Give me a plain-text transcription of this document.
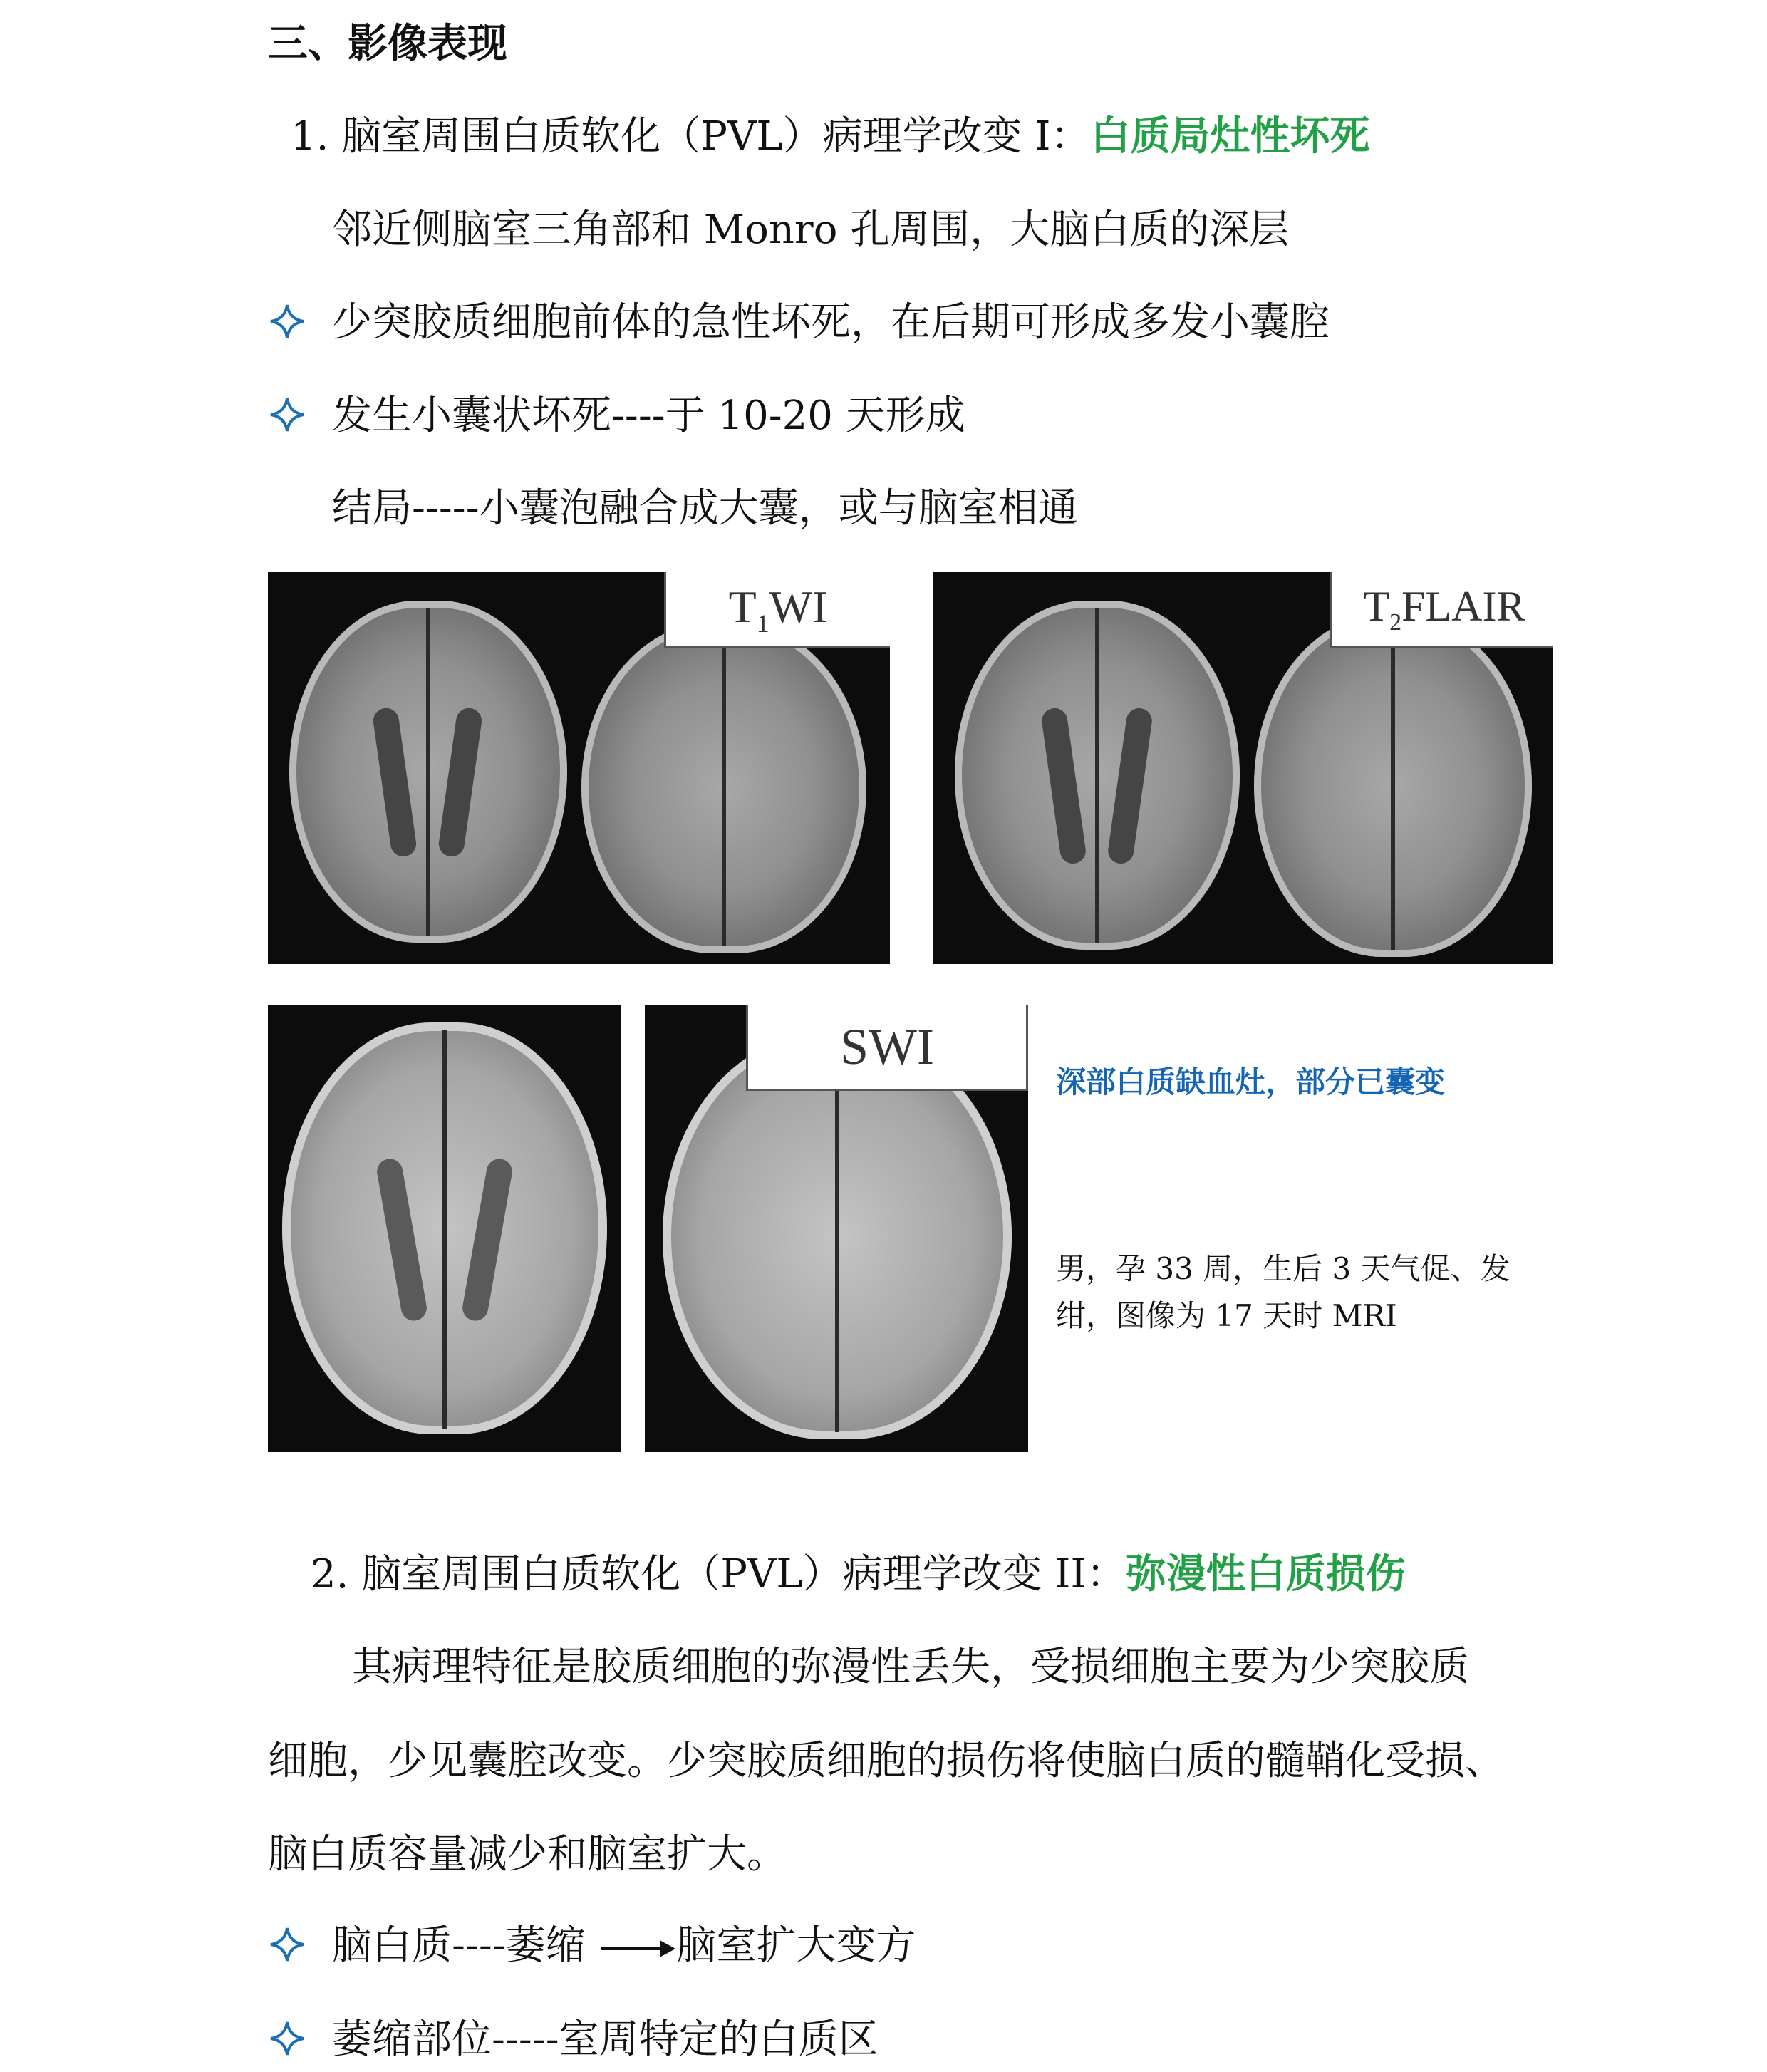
三、影像表现
1. 脑室周围白质软化（PVL）病理学改变 I：白质局灶性坏死
邻近侧脑室三角部和 Monro 孔周围，大脑白质的深层
少突胶质细胞前体的急性坏死，在后期可形成多发小囊腔
发生小囊状坏死----于 10-20 天形成
结局-----小囊泡融合成大囊，或与脑室相通
$T_1WI$	$T_2FLAIR$
SWI
深部白质缺血灶，部分已囊变
男，孕 33 周，生后 3 天气促、发
绀，图像为 17 天时 MRI
2. 脑室周围白质软化（PVL）病理学改变 II：弥漫性白质损伤
其病理特征是胶质细胞的弥漫性丢失，受损细胞主要为少突胶质
细胞，少见囊腔改变。少突胶质细胞的损伤将使脑白质的髓鞘化受损、
脑白质容量减少和脑室扩大。
脑白质----萎缩 脑室扩大变方
萎缩部位-----室周特定的白质区
